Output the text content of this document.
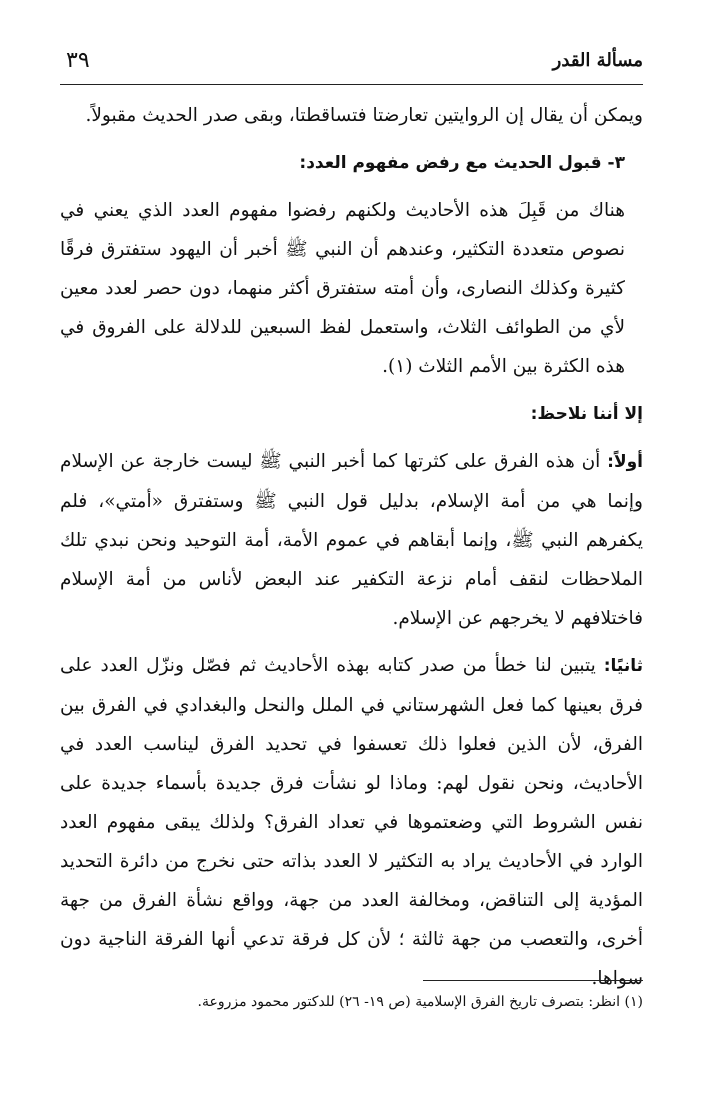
مسألة القدر
٣٩

ويمكن أن يقال إن الروايتين تعارضتا فتساقطتا، وبقى صدر الحديث مقبولاً.

٣- قبول الحديث مع رفض مفهوم العدد:

هناك من قَبِلَ هذه الأحاديث ولكنهم رفضوا مفهوم العدد الذي يعني في نصوص متعددة التكثير، وعندهم أن النبي ﷺ أخبر أن اليهود ستفترق فرقًا كثيرة وكذلك النصارى، وأن أمته ستفترق أكثر منهما، دون حصر لعدد معين لأي من الطوائف الثلاث، واستعمل لفظ السبعين للدلالة على الفروق في هذه الكثرة بين الأمم الثلاث (١).

إلا أننا نلاحظ:

أولاً: أن هذه الفرق على كثرتها كما أخبر النبي ﷺ ليست خارجة عن الإسلام وإنما هي من أمة الإسلام، بدليل قول النبي ﷺ وستفترق «أمتي»، فلم يكفرهم النبي ﷺ، وإنما أبقاهم في عموم الأمة، أمة التوحيد ونحن نبدي تلك الملاحظات لنقف أمام نزعة التكفير عند البعض لأناس من أمة الإسلام فاختلافهم لا يخرجهم عن الإسلام.

ثانيًا: يتبين لنا خطأ من صدر كتابه بهذه الأحاديث ثم فصّل ونزّل العدد على فرق بعينها كما فعل الشهرستاني في الملل والنحل والبغدادي في الفرق بين الفرق، لأن الذين فعلوا ذلك تعسفوا في تحديد الفرق ليناسب العدد في الأحاديث، ونحن نقول لهم: وماذا لو نشأت فرق جديدة بأسماء جديدة على نفس الشروط التي وضعتموها في تعداد الفرق؟ ولذلك يبقى مفهوم العدد الوارد في الأحاديث يراد به التكثير لا العدد بذاته حتى نخرج من دائرة التحديد المؤدية إلى التناقض، ومخالفة العدد من جهة، وواقع نشأة الفرق من جهة أخرى، والتعصب من جهة ثالثة ؛ لأن كل فرقة تدعي أنها الفرقة الناجية دون سواها.

(١) انظر: بتصرف تاريخ الفرق الإسلامية (ص ١٩- ٢٦) للدكتور محمود مزروعة.
